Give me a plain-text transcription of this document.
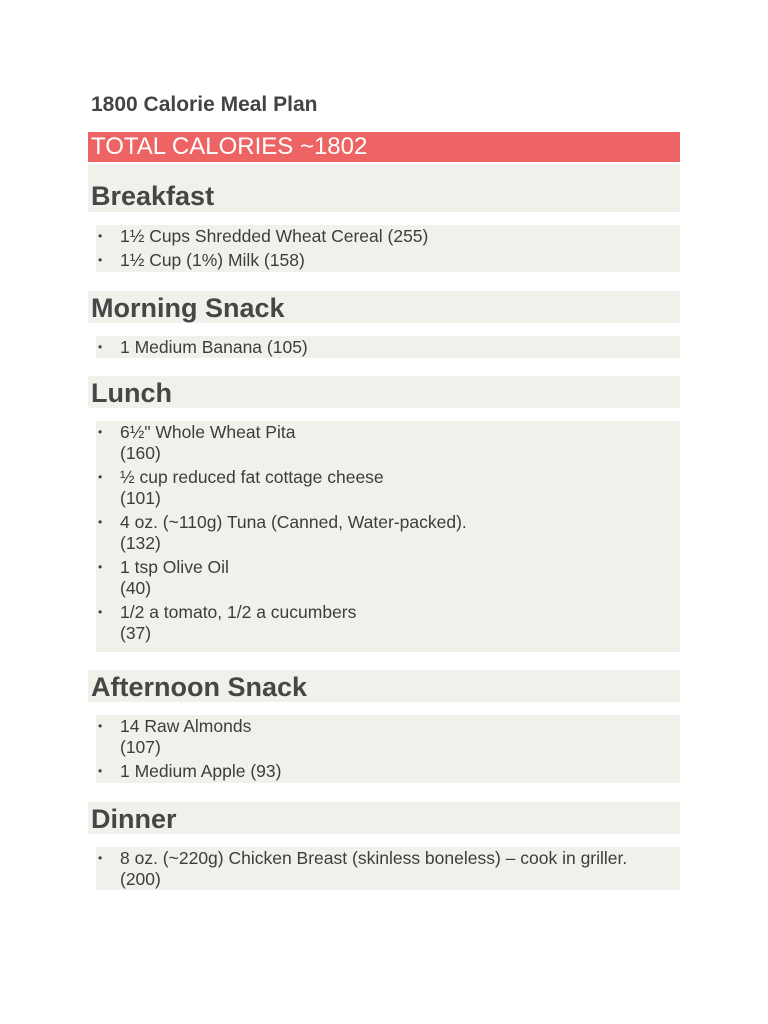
1800 Calorie Meal Plan
TOTAL CALORIES ~1802
Breakfast
• 1½ Cups Shredded Wheat Cereal (255)
• 1½ Cup (1%) Milk (158)
Morning Snack
• 1 Medium Banana (105)
Lunch
• 6½" Whole Wheat Pita
(160)
• ½ cup reduced fat cottage cheese
(101)
• 4 oz. (~110g) Tuna (Canned, Water-packed).
(132)
• 1 tsp Olive Oil
(40)
• 1/2 a tomato, 1/2 a cucumbers
(37)
Afternoon Snack
• 14 Raw Almonds
(107)
• 1 Medium Apple (93)
Dinner
• 8 oz. (~220g) Chicken Breast (skinless boneless) – cook in griller.
(200)
